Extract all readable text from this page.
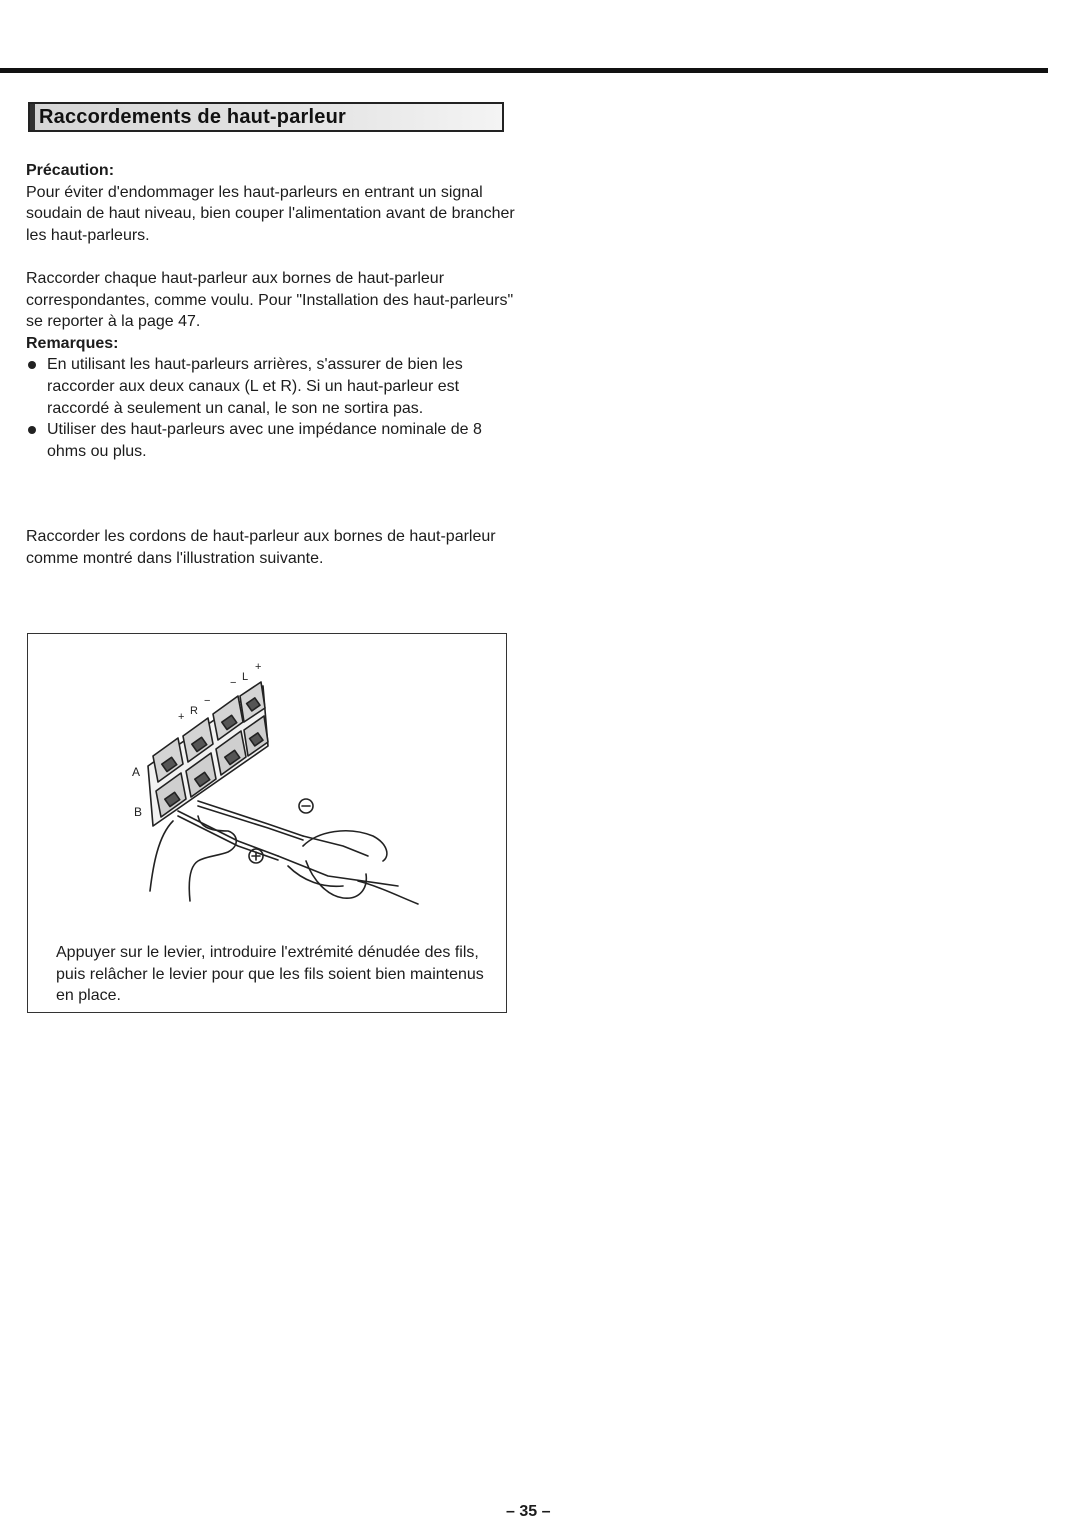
Raccordements de haut-parleur

Précaution:

Pour éviter d'endommager les haut-parleurs en entrant un signal soudain de haut niveau, bien couper l'alimentation avant de brancher les haut-parleurs.

Raccorder chaque haut-parleur aux bornes de haut-parleur correspondantes, comme voulu. Pour "Installation des haut-parleurs" se reporter à la page 47.

Remarques:

En utilisant les haut-parleurs arrières, s'assurer de bien les raccorder aux deux canaux (L et R). Si un haut-parleur est raccordé à seulement un canal, le son ne sortira pas.
Utiliser des haut-parleurs avec une impédance nominale de 8 ohms ou plus.

Raccorder les cordons de haut-parleur aux bornes de haut-parleur comme montré dans l'illustration suivante.

+ R
−
− L
+
A
B

Appuyer sur le levier, introduire l'extrémité dénudée des fils, puis relâcher le levier pour que les fils soient bien maintenus en place.

– 35 –
